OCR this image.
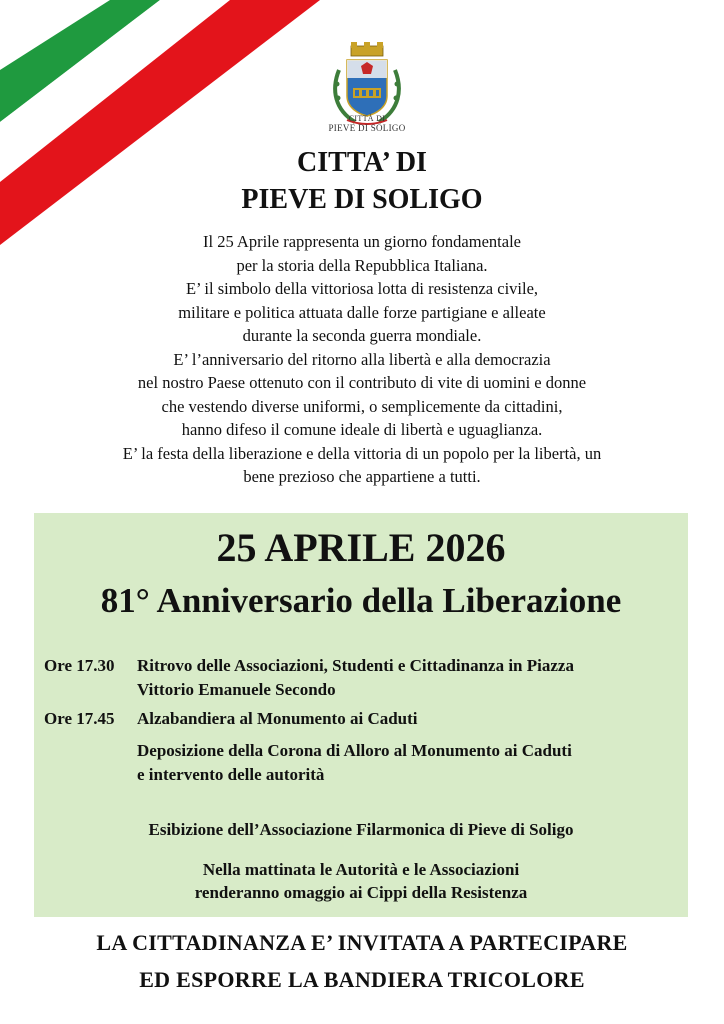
CITTÀ DI
PIEVE DI SOLIGO
CITTA’ DI
PIEVE DI SOLIGO
Il 25 Aprile rappresenta un giorno fondamentale
per la storia della Repubblica Italiana.
E’ il simbolo della vittoriosa lotta di resistenza civile,
militare e politica attuata dalle forze partigiane e alleate
durante la seconda guerra mondiale.
E’ l’anniversario del ritorno alla libertà e alla democrazia
nel nostro Paese ottenuto con il contributo di vite di uomini e donne
che vestendo diverse uniformi, o semplicemente da cittadini,
hanno difeso il comune ideale di libertà e uguaglianza.
E’ la festa della liberazione e della vittoria di un popolo per la libertà, un
bene prezioso che appartiene a tutti.
25 APRILE 2026
81° Anniversario della Liberazione
Ore 17.30 Ritrovo delle Associazioni, Studenti e Cittadinanza in Piazza
Vittorio Emanuele Secondo
Ore 17.45 Alzabandiera al Monumento ai Caduti
Deposizione della Corona di Alloro al Monumento ai Caduti
e intervento delle autorità
Esibizione dell’Associazione Filarmonica di Pieve di Soligo
Nella mattinata le Autorità e le Associazioni
renderanno omaggio ai Cippi della Resistenza
LA CITTADINANZA E’ INVITATA A PARTECIPARE
ED ESPORRE LA BANDIERA TRICOLORE
